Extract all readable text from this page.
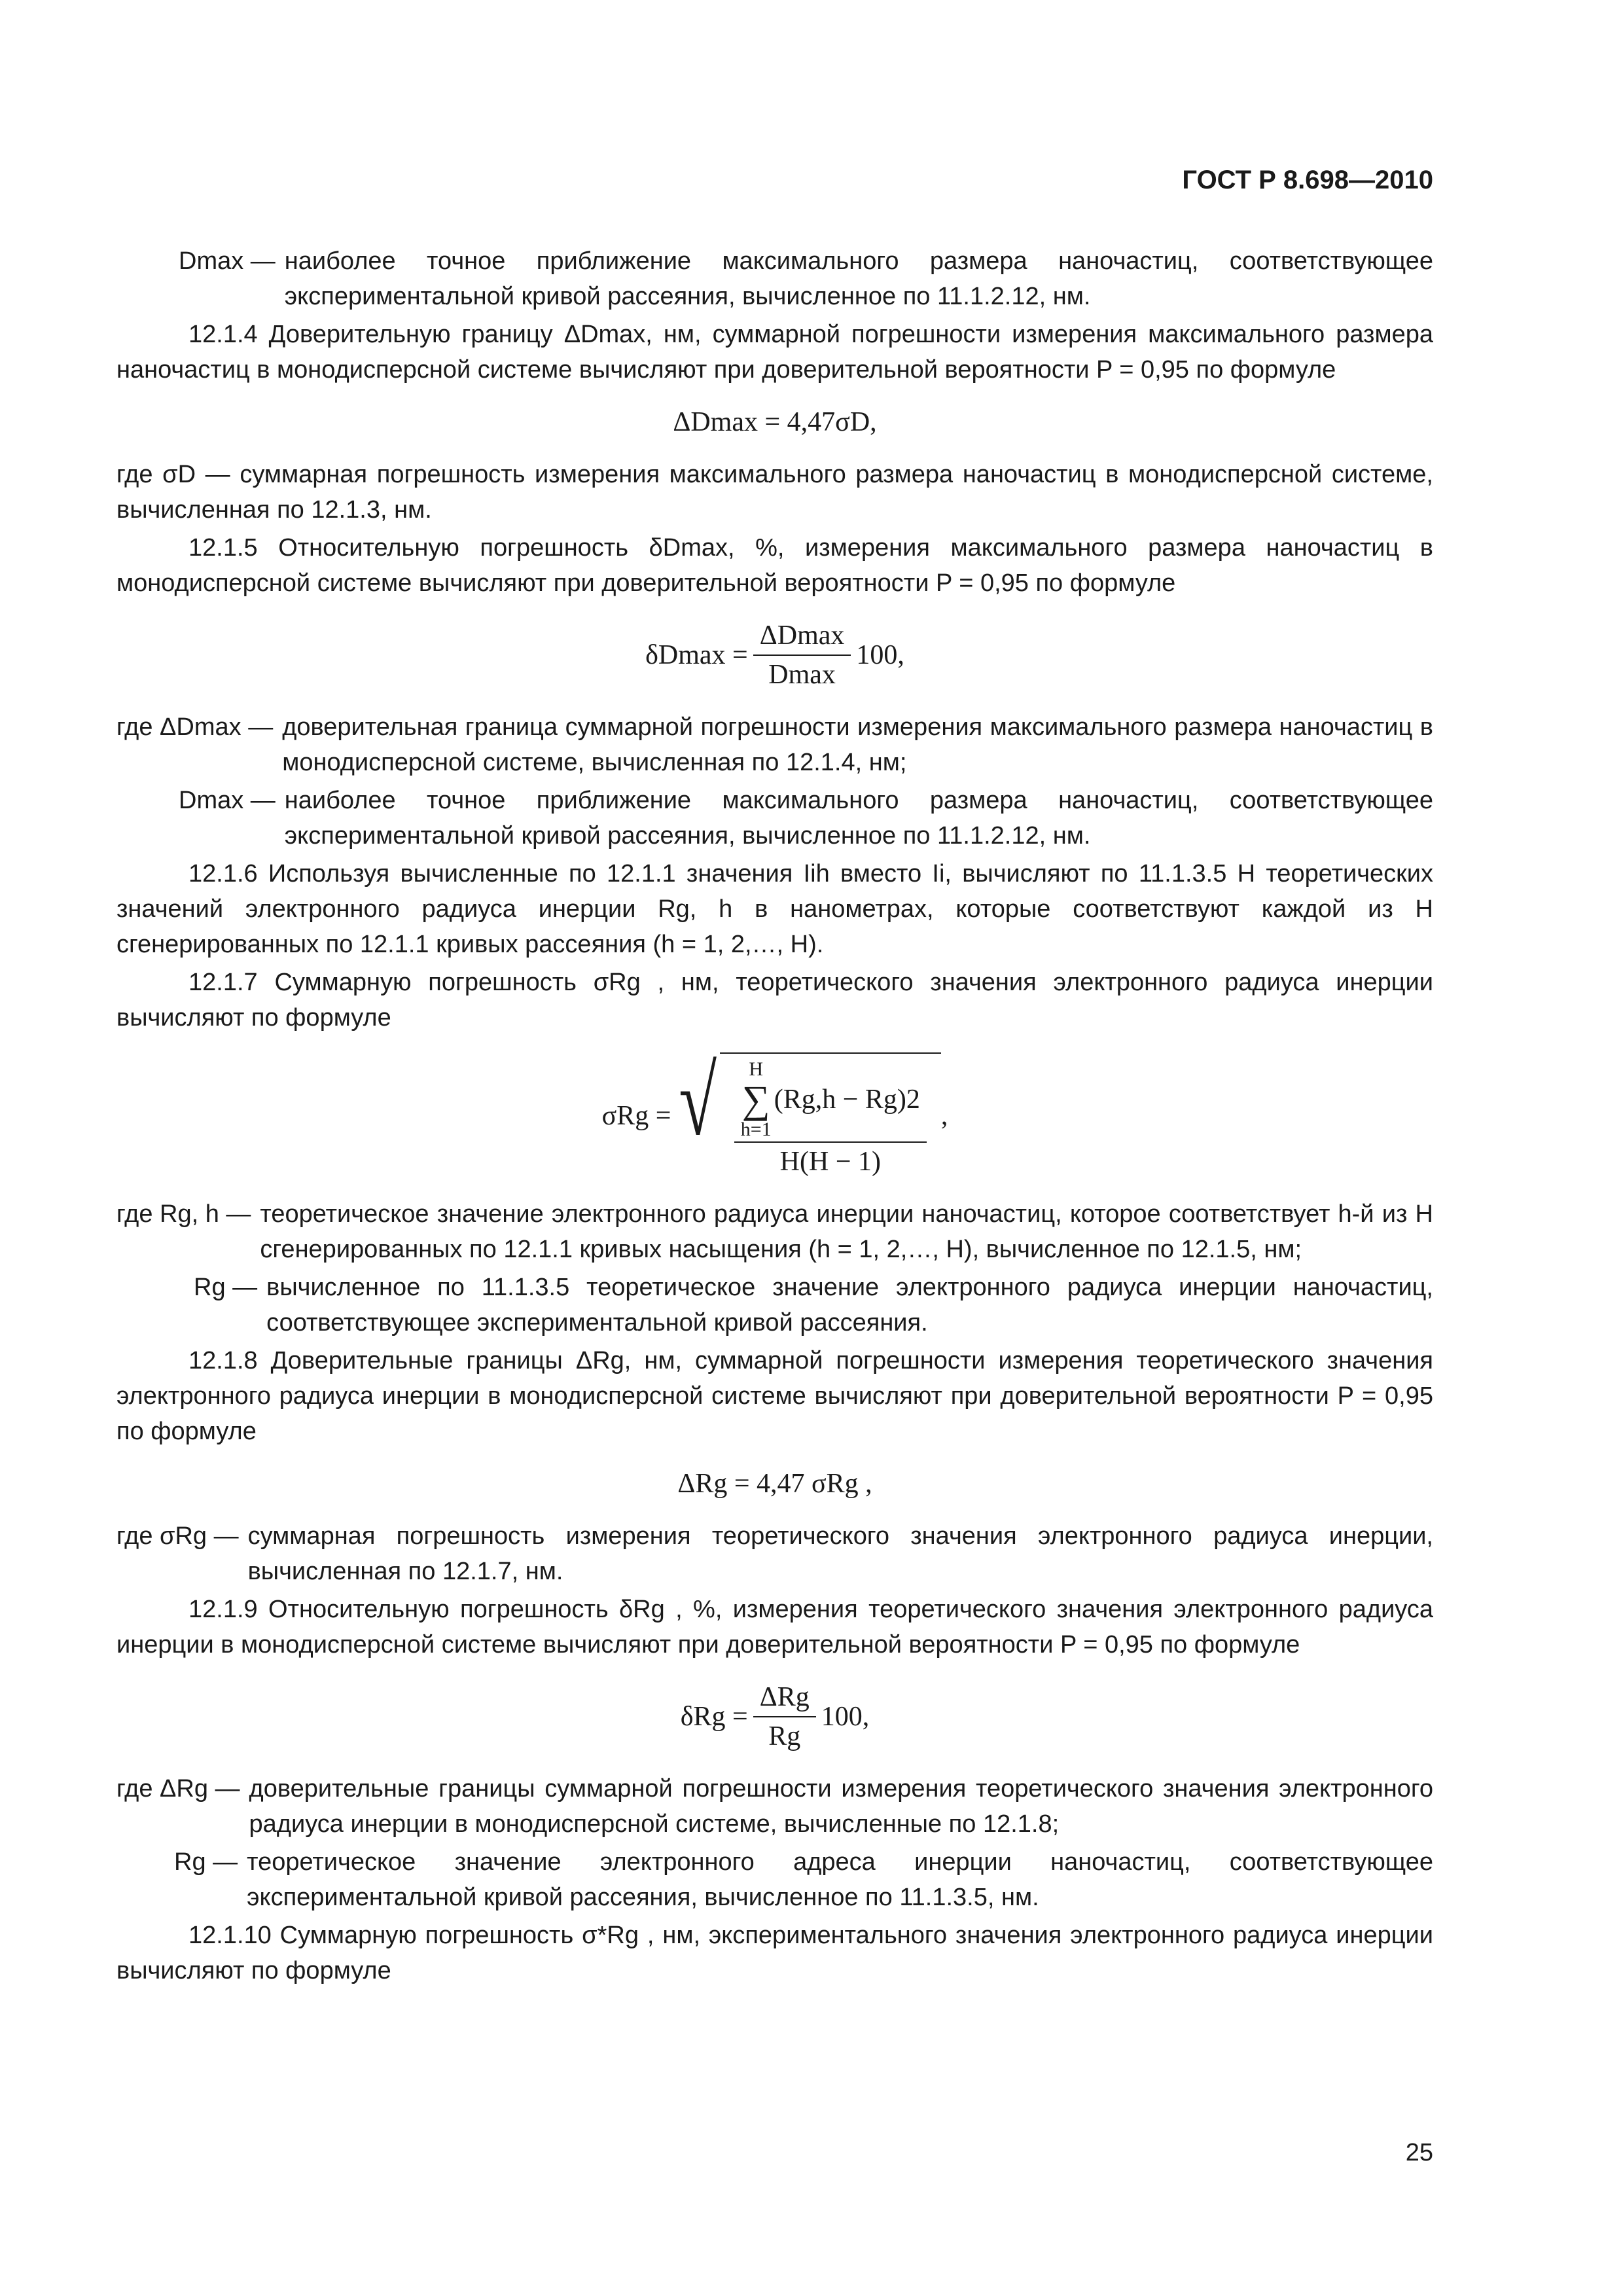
ГОСТ Р 8.698—2010
Dmax — наиболее точное приближение максимального размера наночастиц, соответствующее экспериментальной кривой рассеяния, вычисленное по 11.1.2.12, нм.

12.1.4 Доверительную границу ΔDmax, нм, суммарной погрешности измерения максимального размера наночастиц в монодисперсной системе вычисляют при доверительной вероятности P = 0,95 по формуле

ΔDmax = 4,47σD,

где σD — суммарная погрешность измерения максимального размера наночастиц в монодисперсной системе, вычисленная по 12.1.3, нм.

12.1.5 Относительную погрешность δDmax, %, измерения максимального размера наночастиц в монодисперсной системе вычисляют при доверительной вероятности P = 0,95 по формуле

$\delta Dmax = \frac{\Delta Dmax}{Dmax} 100$,
где ΔDmax — доверительная граница суммарной погрешности измерения максимального размера наночастиц в монодисперсной системе, вычисленная по 12.1.4, нм;
Dmax — наиболее точное приближение максимального размера наночастиц, соответствующее экспериментальной кривой рассеяния, вычисленное по 11.1.2.12, нм.

12.1.6 Используя вычисленные по 12.1.1 значения Iih вместо Ii, вычисляют по 11.1.3.5 H теоретических значений электронного радиуса инерции Rg, h в нанометрах, которые соответствуют каждой из H сгенерированных по 12.1.1 кривых рассеяния (h = 1, 2,…, H).

12.1.7 Суммарную погрешность σRg , нм, теоретического значения электронного радиуса инерции вычисляют по формуле

σRg = √ H
∑
h=1
(Rg,h − Rg)2
H(H − 1)
,
где Rg, h — теоретическое значение электронного радиуса инерции наночастиц, которое соответствует h-й из H сгенерированных по 12.1.1 кривых насыщения (h = 1, 2,…, H), вычисленное по 12.1.5, нм;
Rg — вычисленное по 11.1.3.5 теоретическое значение электронного радиуса инерции наночастиц, соответствующее экспериментальной кривой рассеяния.

12.1.8 Доверительные границы ΔRg, нм, суммарной погрешности измерения теоретического значения электронного радиуса инерции в монодисперсной системе вычисляют при доверительной вероятности P = 0,95 по формуле

ΔRg = 4,47 σRg ,
где σRg — суммарная погрешность измерения теоретического значения электронного радиуса инерции, вычисленная по 12.1.7, нм.

12.1.9 Относительную погрешность δRg , %, измерения теоретического значения электронного радиуса инерции в монодисперсной системе вычисляют при доверительной вероятности P = 0,95 по формуле

$\delta Rg = \frac{\text{ΔRg}}{Rg} 100$,
где ΔRg — доверительные границы суммарной погрешности измерения теоретического значения электронного радиуса инерции в монодисперсной системе, вычисленные по 12.1.8;
Rg — теоретическое значение электронного адреса инерции наночастиц, соответствующее экспериментальной кривой рассеяния, вычисленное по 11.1.3.5, нм.

12.1.10 Суммарную погрешность σ*Rg , нм, экспериментального значения электронного радиуса инерции вычисляют по формуле

25
